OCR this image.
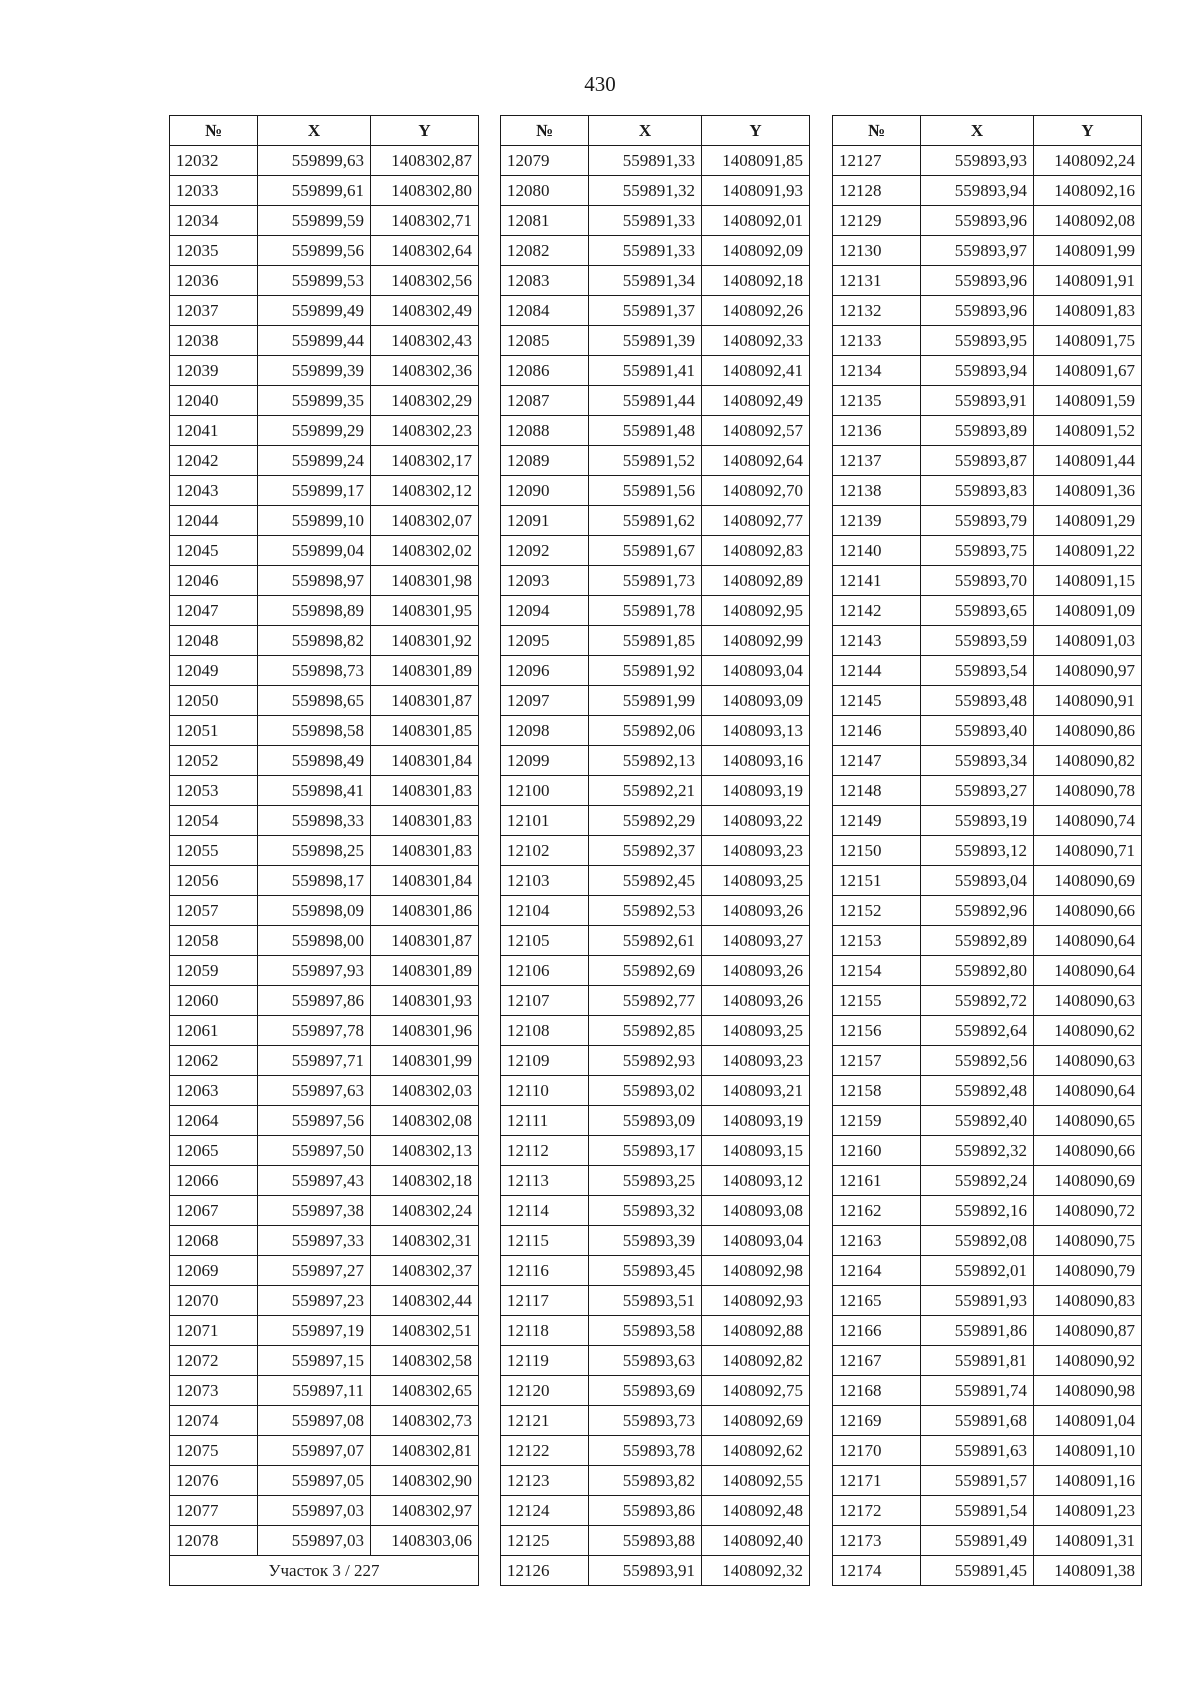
430
№	X	Y
12032	559899,63	1408302,87
12033	559899,61	1408302,80
12034	559899,59	1408302,71
12035	559899,56	1408302,64
12036	559899,53	1408302,56
12037	559899,49	1408302,49
12038	559899,44	1408302,43
12039	559899,39	1408302,36
12040	559899,35	1408302,29
12041	559899,29	1408302,23
12042	559899,24	1408302,17
12043	559899,17	1408302,12
12044	559899,10	1408302,07
12045	559899,04	1408302,02
12046	559898,97	1408301,98
12047	559898,89	1408301,95
12048	559898,82	1408301,92
12049	559898,73	1408301,89
12050	559898,65	1408301,87
12051	559898,58	1408301,85
12052	559898,49	1408301,84
12053	559898,41	1408301,83
12054	559898,33	1408301,83
12055	559898,25	1408301,83
12056	559898,17	1408301,84
12057	559898,09	1408301,86
12058	559898,00	1408301,87
12059	559897,93	1408301,89
12060	559897,86	1408301,93
12061	559897,78	1408301,96
12062	559897,71	1408301,99
12063	559897,63	1408302,03
12064	559897,56	1408302,08
12065	559897,50	1408302,13
12066	559897,43	1408302,18
12067	559897,38	1408302,24
12068	559897,33	1408302,31
12069	559897,27	1408302,37
12070	559897,23	1408302,44
12071	559897,19	1408302,51
12072	559897,15	1408302,58
12073	559897,11	1408302,65
12074	559897,08	1408302,73
12075	559897,07	1408302,81
12076	559897,05	1408302,90
12077	559897,03	1408302,97
12078	559897,03	1408303,06
Участок 3 / 227		
№	X	Y
12079	559891,33	1408091,85
12080	559891,32	1408091,93
12081	559891,33	1408092,01
12082	559891,33	1408092,09
12083	559891,34	1408092,18
12084	559891,37	1408092,26
12085	559891,39	1408092,33
12086	559891,41	1408092,41
12087	559891,44	1408092,49
12088	559891,48	1408092,57
12089	559891,52	1408092,64
12090	559891,56	1408092,70
12091	559891,62	1408092,77
12092	559891,67	1408092,83
12093	559891,73	1408092,89
12094	559891,78	1408092,95
12095	559891,85	1408092,99
12096	559891,92	1408093,04
12097	559891,99	1408093,09
12098	559892,06	1408093,13
12099	559892,13	1408093,16
12100	559892,21	1408093,19
12101	559892,29	1408093,22
12102	559892,37	1408093,23
12103	559892,45	1408093,25
12104	559892,53	1408093,26
12105	559892,61	1408093,27
12106	559892,69	1408093,26
12107	559892,77	1408093,26
12108	559892,85	1408093,25
12109	559892,93	1408093,23
12110	559893,02	1408093,21
12111	559893,09	1408093,19
12112	559893,17	1408093,15
12113	559893,25	1408093,12
12114	559893,32	1408093,08
12115	559893,39	1408093,04
12116	559893,45	1408092,98
12117	559893,51	1408092,93
12118	559893,58	1408092,88
12119	559893,63	1408092,82
12120	559893,69	1408092,75
12121	559893,73	1408092,69
12122	559893,78	1408092,62
12123	559893,82	1408092,55
12124	559893,86	1408092,48
12125	559893,88	1408092,40
12126	559893,91	1408092,32
№	X	Y
12127	559893,93	1408092,24
12128	559893,94	1408092,16
12129	559893,96	1408092,08
12130	559893,97	1408091,99
12131	559893,96	1408091,91
12132	559893,96	1408091,83
12133	559893,95	1408091,75
12134	559893,94	1408091,67
12135	559893,91	1408091,59
12136	559893,89	1408091,52
12137	559893,87	1408091,44
12138	559893,83	1408091,36
12139	559893,79	1408091,29
12140	559893,75	1408091,22
12141	559893,70	1408091,15
12142	559893,65	1408091,09
12143	559893,59	1408091,03
12144	559893,54	1408090,97
12145	559893,48	1408090,91
12146	559893,40	1408090,86
12147	559893,34	1408090,82
12148	559893,27	1408090,78
12149	559893,19	1408090,74
12150	559893,12	1408090,71
12151	559893,04	1408090,69
12152	559892,96	1408090,66
12153	559892,89	1408090,64
12154	559892,80	1408090,64
12155	559892,72	1408090,63
12156	559892,64	1408090,62
12157	559892,56	1408090,63
12158	559892,48	1408090,64
12159	559892,40	1408090,65
12160	559892,32	1408090,66
12161	559892,24	1408090,69
12162	559892,16	1408090,72
12163	559892,08	1408090,75
12164	559892,01	1408090,79
12165	559891,93	1408090,83
12166	559891,86	1408090,87
12167	559891,81	1408090,92
12168	559891,74	1408090,98
12169	559891,68	1408091,04
12170	559891,63	1408091,10
12171	559891,57	1408091,16
12172	559891,54	1408091,23
12173	559891,49	1408091,31
12174	559891,45	1408091,38
